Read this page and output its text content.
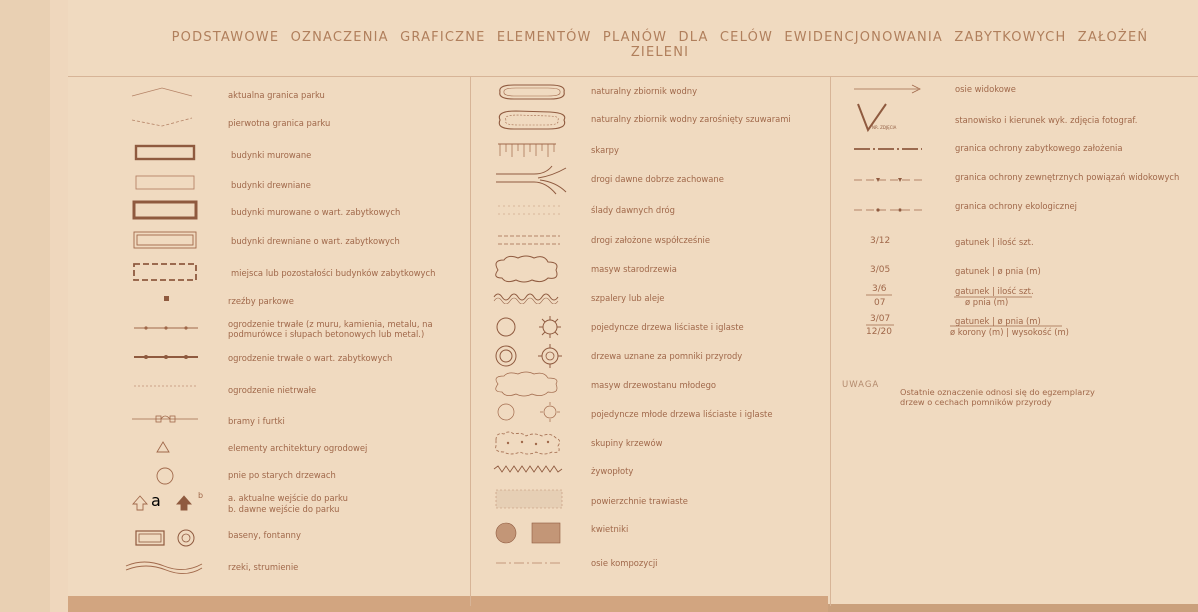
PODSTAWOWE OZNACZENIA GRAFICZNE ELEMENTÓW PLANÓW DLA CELÓW EWIDENCJONOWANIA ZABYTKOWYCH ZAŁOŻEŃ ZIELENI
a	b
aktualna granica parku
pierwotna granica parku
budynki murowane
budynki drewniane
budynki murowane o wart. zabytkowych
budynki drewniane o wart. zabytkowych
miejsca lub pozostałości budynków zabytkowych
rzeźby parkowe
ogrodzenie trwałe (z muru, kamienia, metalu, na
podmurówce i słupach betonowych lub metal.)
ogrodzenie trwałe o wart. zabytkowych
ogrodzenie nietrwałe
bramy i furtki
elementy architektury ogrodowej
pnie po starych drzewach
a. aktualne wejście do parku
b. dawne wejście do parku
baseny, fontanny
rzeki, strumienie
naturalny zbiornik wodny
naturalny zbiornik wodny zarośnięty szuwarami
skarpy
drogi dawne dobrze zachowane
ślady dawnych dróg
drogi założone współcześnie
masyw starodrzewia
szpalery lub aleje
pojedyncze drzewa liściaste i iglaste
drzewa uznane za pomniki przyrody
masyw drzewostanu młodego
pojedyncze młode drzewa liściaste i iglaste
skupiny krzewów
żywopłoty
powierzchnie trawiaste
kwietniki
osie kompozycji
NR. ZDJĘCIA
3/12
3/05
3/6
07
3/07
12/20
osie widokowe
stanowisko i kierunek wyk. zdjęcia fotograf.
granica ochrony zabytkowego założenia
granica ochrony zewnętrznych powiązań widokowych
granica ochrony ekologicznej
gatunek | ilość szt.
gatunek | ø pnia (m)
gatunek | ilość szt.
ø pnia (m)
gatunek | ø pnia (m)
ø korony (m) | wysokość (m)
UWAGA
Ostatnie oznaczenie odnosi się do egzemplarzy
drzew o cechach pomników przyrody
